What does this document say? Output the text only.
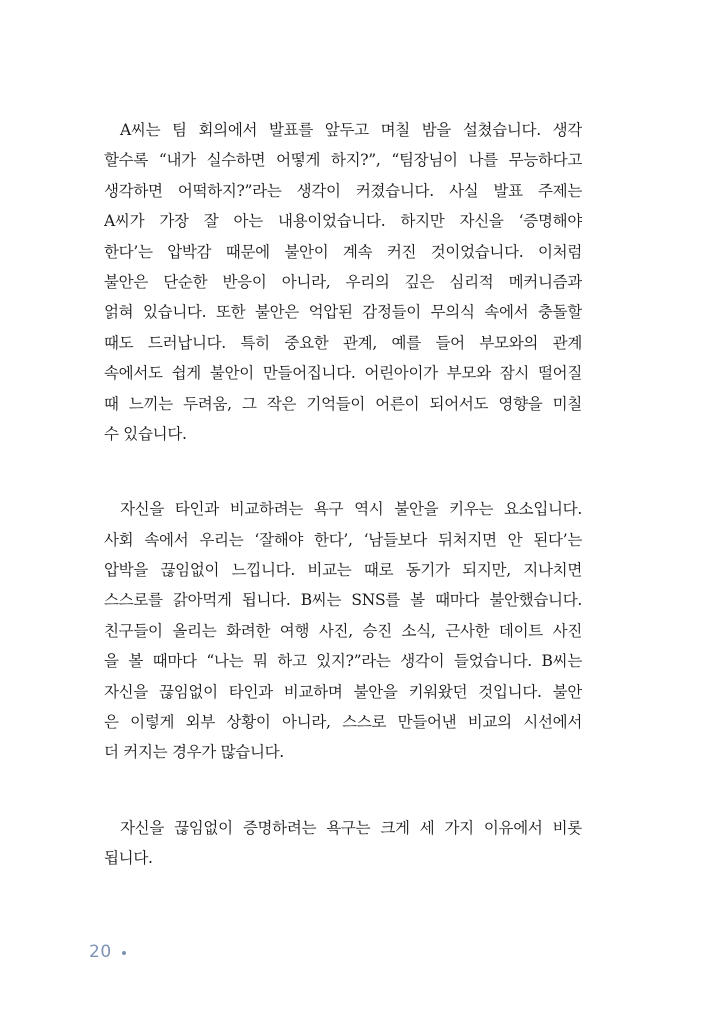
A씨는 팀 회의에서 발표를 앞두고 며칠 밤을 설쳤습니다. 생각
할수록 “내가 실수하면 어떻게 하지?”, “팀장님이 나를 무능하다고
생각하면 어떡하지?”라는 생각이 커졌습니다. 사실 발표 주제는
A씨가 가장 잘 아는 내용이었습니다. 하지만 자신을 ‘증명해야
한다’는 압박감 때문에 불안이 계속 커진 것이었습니다. 이처럼
불안은 단순한 반응이 아니라, 우리의 깊은 심리적 메커니즘과
얽혀 있습니다. 또한 불안은 억압된 감정들이 무의식 속에서 충돌할
때도 드러납니다. 특히 중요한 관계, 예를 들어 부모와의 관계
속에서도 쉽게 불안이 만들어집니다. 어린아이가 부모와 잠시 떨어질
때 느끼는 두려움, 그 작은 기억들이 어른이 되어서도 영향을 미칠
수 있습니다.
자신을 타인과 비교하려는 욕구 역시 불안을 키우는 요소입니다.
사회 속에서 우리는 ‘잘해야 한다’, ‘남들보다 뒤처지면 안 된다’는
압박을 끊임없이 느낍니다. 비교는 때로 동기가 되지만, 지나치면
스스로를 갉아먹게 됩니다. B씨는 SNS를 볼 때마다 불안했습니다.
친구들이 올리는 화려한 여행 사진, 승진 소식, 근사한 데이트 사진
을 볼 때마다 “나는 뭐 하고 있지?”라는 생각이 들었습니다. B씨는
자신을 끊임없이 타인과 비교하며 불안을 키워왔던 것입니다. 불안
은 이렇게 외부 상황이 아니라, 스스로 만들어낸 비교의 시선에서
더 커지는 경우가 많습니다.
자신을 끊임없이 증명하려는 욕구는 크게 세 가지 이유에서 비롯
됩니다.
20
